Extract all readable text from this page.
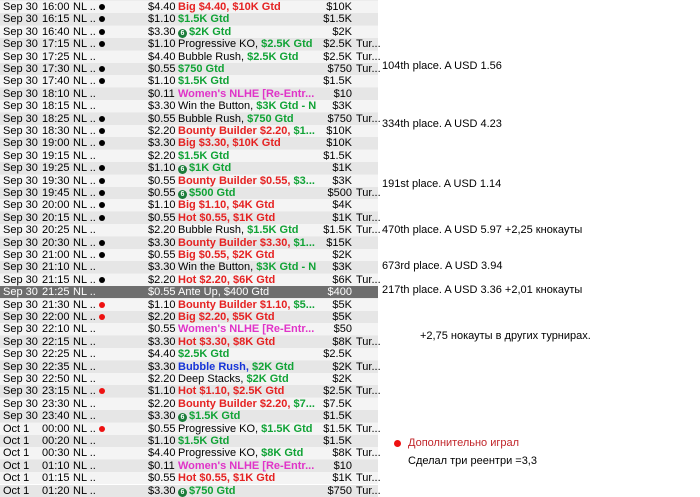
Sep 30 16:00 NL ..	$4.40 Big $4.40, $10K Gtd	$10K
Sep 30 16:15 NL ..	$1.10 $1.5K Gtd	$1.5K
Sep 30 16:40 NL ..	$3.30 6 $2K Gtd	$2K
Sep 30 17:15 NL ..	$1.10 Progressive KO, $2.5K Gtd $2.5K Tur...
Sep 30 17:25 NL ..	$4.40 Bubble Rush, $2.5K Gtd	$2.5K Tur...
Sep 30 17:30 NL ..	$0.55 $750 Gtd	$750 Tur...
Sep 30 17:40 NL ..	$1.10 $1.5K Gtd	$1.5K
Sep 30 18:10 NL ..	$0.11 Women's NLHE [Re-Entr...	$10
Sep 30 18:15 NL ..	$3.30 Win the Button, $3K Gtd - N	$3K
Sep 30 18:25 NL ..	$0.55 Bubble Rush, $750 Gtd	$750 Tur...
Sep 30 18:30 NL ..	$2.20 Bounty Builder $2.20, $1...	$10K
Sep 30 19:00 NL ..	$3.30 Big $3.30, $10K Gtd	$10K
Sep 30 19:15 NL ..	$2.20 $1.5K Gtd	$1.5K
Sep 30 19:25 NL ..	$1.10 6 $1K Gtd	$1K
Sep 30 19:30 NL ..	$0.55 Bounty Builder $0.55, $3...	$3K
Sep 30 19:45 NL ..	$0.55 6 $500 Gtd	$500 Tur...
Sep 30 20:00 NL ..	$1.10 Big $1.10, $4K Gtd	$4K
Sep 30 20:15 NL ..	$0.55 Hot $0.55, $1K Gtd	$1K Tur...
Sep 30 20:25 NL ..	$2.20 Bubble Rush, $1.5K Gtd	$1.5K Tur...
Sep 30 20:30 NL ..	$3.30 Bounty Builder $3.30, $1...	$15K
Sep 30 21:00 NL ..	$0.55 Big $0.55, $2K Gtd	$2K
Sep 30 21:10 NL ..	$3.30 Win the Button, $3K Gtd - N	$3K
Sep 30 21:15 NL ..	$2.20 Hot $2.20, $6K Gtd	$6K Tur...
Sep 30 21:25 NL ..	$0.55 Ante Up, $400 Gtd	$400
Sep 30 21:30 NL ..	$1.10 Bounty Builder $1.10, $5...	$5K
Sep 30 22:00 NL ..	$2.20 Big $2.20, $5K Gtd	$5K
Sep 30 22:10 NL ..	$0.55 Women's NLHE [Re-Entr...	$50
Sep 30 22:15 NL ..	$3.30 Hot $3.30, $8K Gtd	$8K Tur...
Sep 30 22:25 NL ..	$4.40 $2.5K Gtd	$2.5K
Sep 30 22:35 NL ..	$3.30 Bubble Rush, $2K Gtd	$2K Tur...
Sep 30 22:50 NL ..	$2.20 Deep Stacks, $2K Gtd	$2K
Sep 30 23:15 NL ..	$1.10 Hot $1.10, $2.5K Gtd	$2.5K Tur...
Sep 30 23:30 NL ..	$2.20 Bounty Builder $2.20, $7... $7.5K
Sep 30 23:40 NL ..	$3.30 6 $1.5K Gtd	$1.5K
Oct 1	00:00 NL ..	$0.55 Progressive KO, $1.5K Gtd $1.5K Tur...
Oct 1	00:20 NL ..	$1.10 $1.5K Gtd	$1.5K
Oct 1	00:30 NL ..	$4.40 Progressive KO, $8K Gtd	$8K Tur...
Oct 1	01:10 NL ..	$0.11 Women's NLHE [Re-Entr...	$10
Oct 1	01:15 NL ..	$0.55 Hot $0.55, $1K Gtd	$1K Tur...
Oct 1	01:20 NL ..	$3.30 6 $750 Gtd	$750 Tur...
104th place. A USD 1.56
334th place. A USD 4.23
191st place. A USD 1.14
470th place. A USD 5.97 +2,25 кнокауты
673rd place. A USD 3.94
217th place. A USD 3.36 +2,01 кнокауты
+2,75 нокауты в других турнирах.
Дополнительно играл
Сделал три реентри =3,3
